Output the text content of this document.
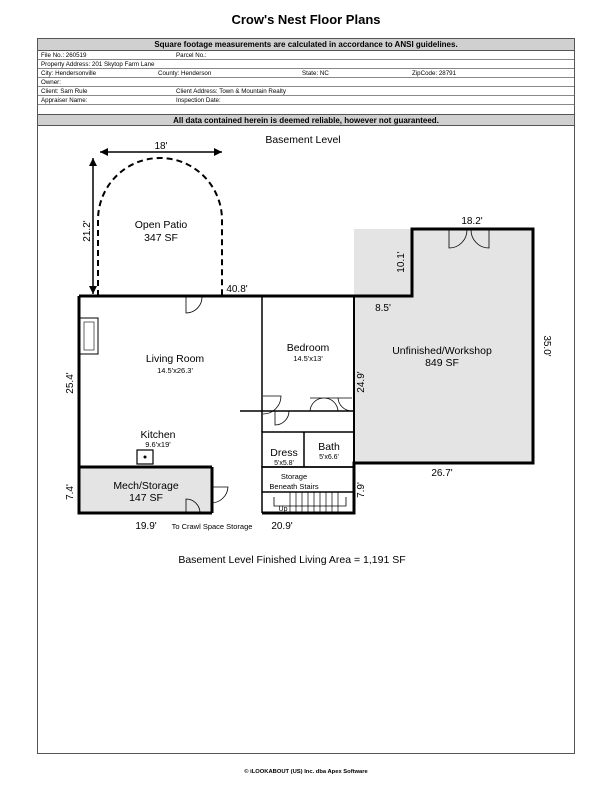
Crow's Nest Floor Plans
Square footage measurements are calculated in accordance to ANSI guidelines.
File No.: 260519	Parcel No.:
Property Address: 201 Skytop Farm Lane
City: Hendersonville	County: Henderson	State: NC	ZipCode: 28791
Owner:
Client: Sam Rule	Client Address: Town & Mountain Realty
Appraiser Name:	Inspection Date:
All data contained herein is deemed reliable, however not guaranteed.
Basement Level
18'
21.2'	Open Patio
347 SF
40.8'
18.2'
10.1'
8.5'
35.0'
26.7'
Unfinished/Workshop
849 SF
25.4'
Living Room
14.5'x26.3'
Bedroom
14.5'x13'
24.9'
Kitchen
9.6'x19'
Dress
5'x5.8'
Bath
5'x6.6'
Storage
Beneath Stairs
Up
7.9'
7.4'	Mech/Storage
147 SF
19.9' To Crawl Space Storage 20.9'
Basement Level Finished Living Area = 1,191 SF
© iLOOKABOUT (US) Inc. dba Apex Software
